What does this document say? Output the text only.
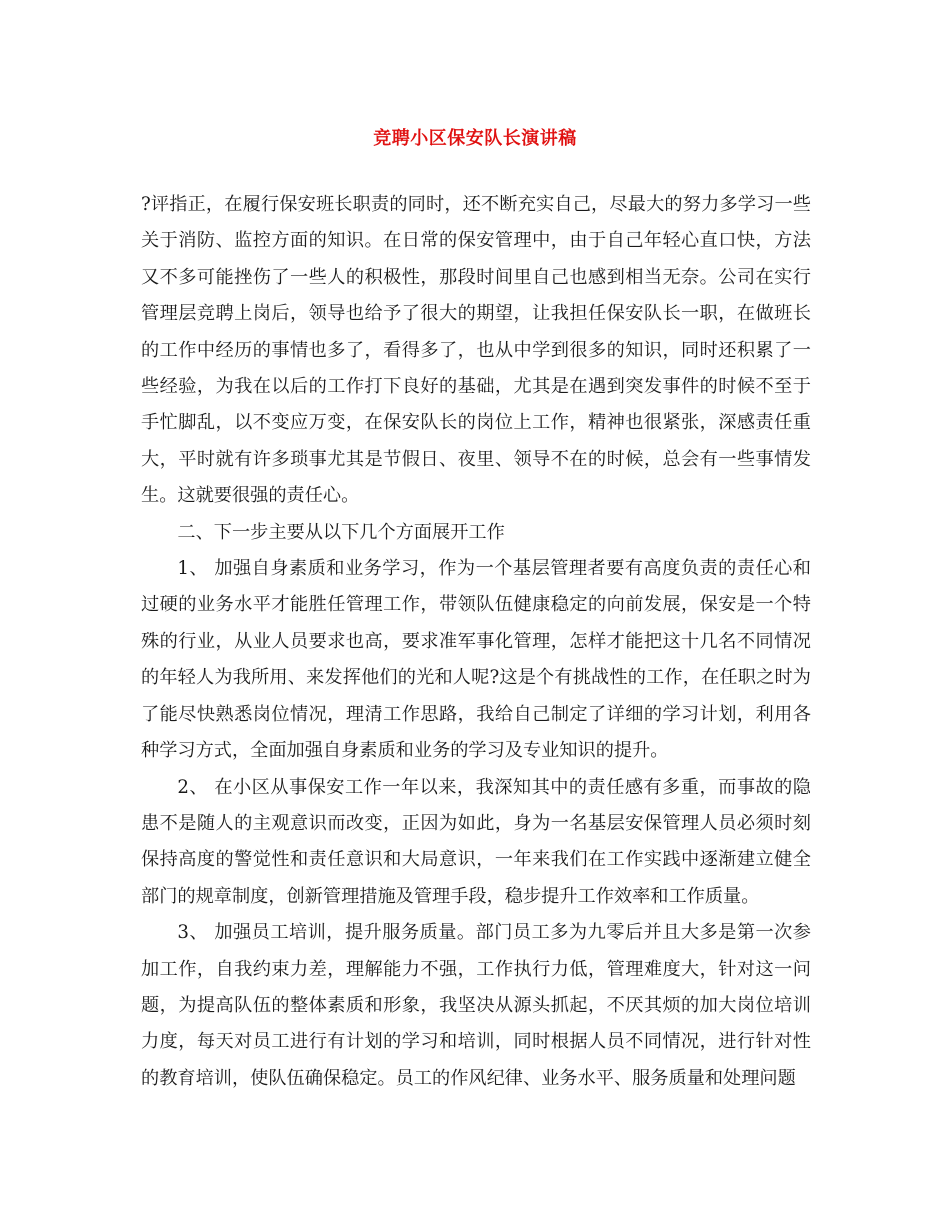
竞聘小区保安队长演讲稿

?评指正，在履行保安班长职责的同时，还不断充实自己，尽最大的努力多学习一些关于消防、监控方面的知识。在日常的保安管理中，由于自己年轻心直口快，方法又不多可能挫伤了一些人的积极性，那段时间里自己也感到相当无奈。公司在实行管理层竞聘上岗后，领导也给予了很大的期望，让我担任保安队长一职，在做班长的工作中经历的事情也多了，看得多了，也从中学到很多的知识，同时还积累了一些经验，为我在以后的工作打下良好的基础，尤其是在遇到突发事件的时候不至于手忙脚乱，以不变应万变，在保安队长的岗位上工作，精神也很紧张，深感责任重大，平时就有许多琐事尤其是节假日、夜里、领导不在的时候，总会有一些事情发生。这就要很强的责任心。

二、下一步主要从以下几个方面展开工作

1、 加强自身素质和业务学习，作为一个基层管理者要有高度负责的责任心和过硬的业务水平才能胜任管理工作，带领队伍健康稳定的向前发展，保安是一个特殊的行业，从业人员要求也高，要求准军事化管理，怎样才能把这十几名不同情况的年轻人为我所用、来发挥他们的光和人呢?这是个有挑战性的工作，在任职之时为了能尽快熟悉岗位情况，理清工作思路，我给自己制定了详细的学习计划，利用各种学习方式，全面加强自身素质和业务的学习及专业知识的提升。

2、 在小区从事保安工作一年以来，我深知其中的责任感有多重，而事故的隐患不是随人的主观意识而改变，正因为如此，身为一名基层安保管理人员必须时刻保持高度的警觉性和责任意识和大局意识，一年来我们在工作实践中逐渐建立健全部门的规章制度，创新管理措施及管理手段，稳步提升工作效率和工作质量。

3、 加强员工培训，提升服务质量。部门员工多为九零后并且大多是第一次参加工作，自我约束力差，理解能力不强，工作执行力低，管理难度大，针对这一问题，为提高队伍的整体素质和形象，我坚决从源头抓起，不厌其烦的加大岗位培训力度，每天对员工进行有计划的学习和培训，同时根据人员不同情况，进行针对性的教育培训，使队伍确保稳定。员工的作风纪律、业务水平、服务质量和处理问题
